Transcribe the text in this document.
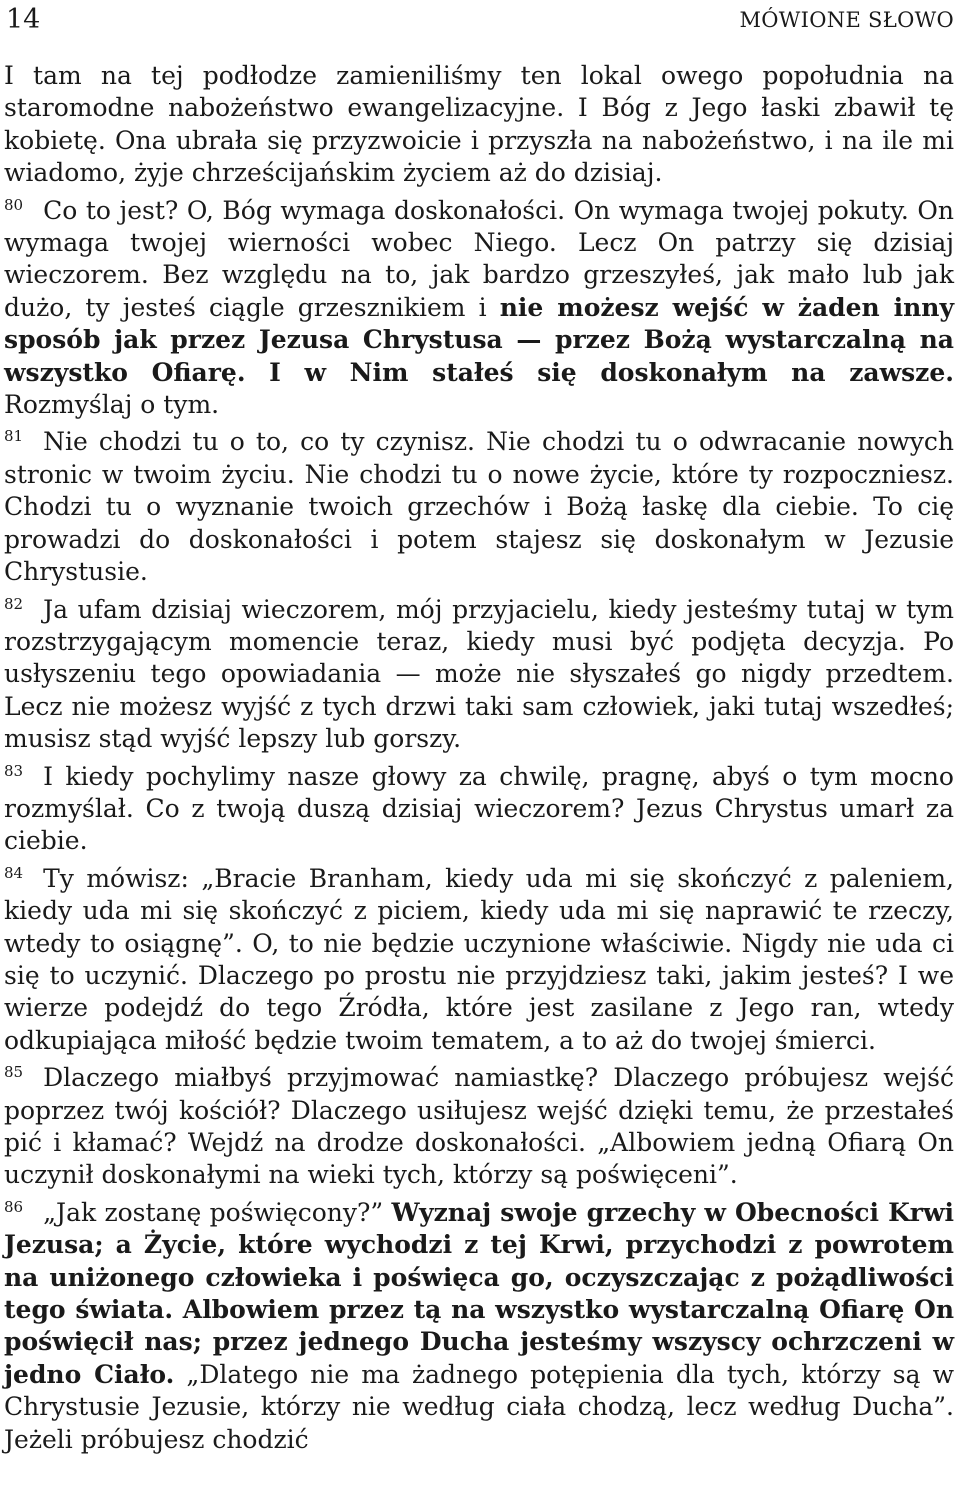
14	MÓWIONE SŁOWO

I tam na tej podłodze zamieniliśmy ten lokal owego popołudnia na staromodne nabożeństwo ewangelizacyjne. I Bóg z Jego łaski zbawił tę kobietę. Ona ubrała się przyzwoicie i przyszła na nabożeństwo, i na ile mi wiadomo, żyje chrześcijańskim życiem aż do dzisiaj.

$^{80}$ Co to jest? O, Bóg wymaga doskonałości. On wymaga twojej pokuty. On wymaga twojej wierności wobec Niego. Lecz On patrzy się dzisiaj wieczorem. Bez względu na to, jak bardzo grzeszyłeś, jak mało lub jak dużo, ty jesteś ciągle grzesznikiem i nie możesz wejść w żaden inny sposób jak przez Jezusa Chrystusa — przez Bożą wystarczalną na wszystko Ofiarę. I w Nim stałeś się doskonałym na zawsze. Rozmyślaj o tym.

$^{81}$ Nie chodzi tu o to, co ty czynisz. Nie chodzi tu o odwracanie nowych stronic w twoim życiu. Nie chodzi tu o nowe życie, które ty rozpoczniesz. Chodzi tu o wyznanie twoich grzechów i Bożą łaskę dla ciebie. To cię prowadzi do doskonałości i potem stajesz się doskonałym w Jezusie Chrystusie.

$^{82}$ Ja ufam dzisiaj wieczorem, mój przyjacielu, kiedy jesteśmy tutaj w tym rozstrzygającym momencie teraz, kiedy musi być podjęta decyzja. Po usłyszeniu tego opowiadania — może nie słyszałeś go nigdy przedtem. Lecz nie możesz wyjść z tych drzwi taki sam człowiek, jaki tutaj wszedłeś; musisz stąd wyjść lepszy lub gorszy.

$^{83}$ I kiedy pochylimy nasze głowy za chwilę, pragnę, abyś o tym mocno rozmyślał. Co z twoją duszą dzisiaj wieczorem? Jezus Chrystus umarł za ciebie.

$^{84}$ Ty mówisz: „Bracie Branham, kiedy uda mi się skończyć z paleniem, kiedy uda mi się skończyć z piciem, kiedy uda mi się naprawić te rzeczy, wtedy to osiągnę”. O, to nie będzie uczynione właściwie. Nigdy nie uda ci się to uczynić. Dlaczego po prostu nie przyjdziesz taki, jakim jesteś? I we wierze podejdź do tego Źródła, które jest zasilane z Jego ran, wtedy odkupiająca miłość będzie twoim tematem, a to aż do twojej śmierci.

$^{85}$ Dlaczego miałbyś przyjmować namiastkę? Dlaczego próbujesz wejść poprzez twój kościół? Dlaczego usiłujesz wejść dzięki temu, że przestałeś pić i kłamać? Wejdź na drodze doskonałości. „Albowiem jedną Ofiarą On uczynił doskonałymi na wieki tych, którzy są poświęceni”.

$^{86}$ „Jak zostanę poświęcony?” Wyznaj swoje grzechy w Obecności Krwi Jezusa; a Życie, które wychodzi z tej Krwi, przychodzi z powrotem na uniżonego człowieka i poświęca go, oczyszczając z pożądliwości tego świata. Albowiem przez tą na wszystko wystarczalną Ofiarę On poświęcił nas; przez jednego Ducha jesteśmy wszyscy ochrzczeni w jedno Ciało. „Dlatego nie ma żadnego potępienia dla tych, którzy są w Chrystusie Jezusie, którzy nie według ciała chodzą, lecz według Ducha”. Jeżeli próbujesz chodzić
